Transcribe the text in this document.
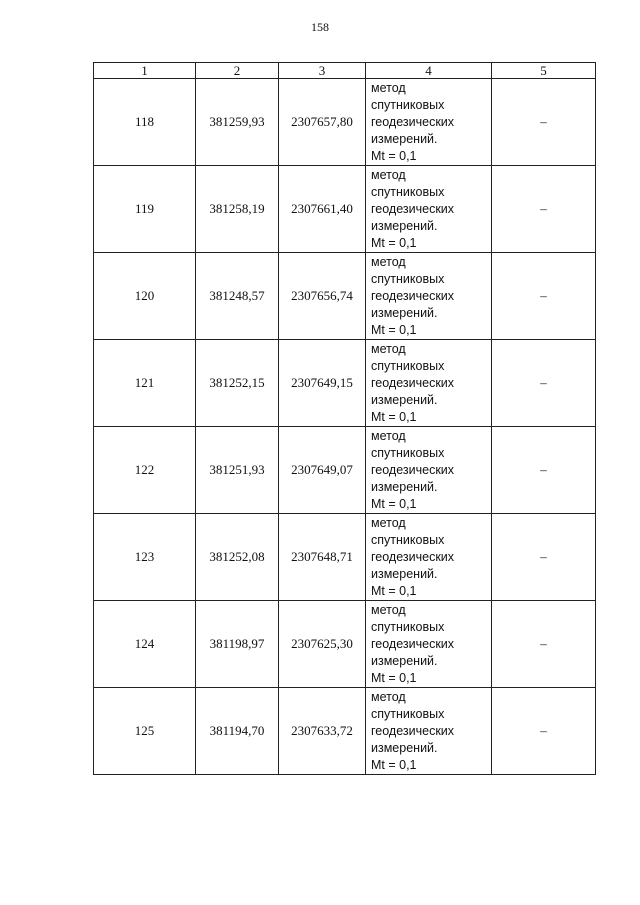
158
1	2	3	4	5
118	381259,93	2307657,80	метод
спутниковых
геодезических
измерений.
Mt = 0,1	–
119	381258,19	2307661,40	метод
спутниковых
геодезических
измерений.
Mt = 0,1	–
120	381248,57	2307656,74	метод
спутниковых
геодезических
измерений.
Mt = 0,1	–
121	381252,15	2307649,15	метод
спутниковых
геодезических
измерений.
Mt = 0,1	–
122	381251,93	2307649,07	метод
спутниковых
геодезических
измерений.
Mt = 0,1	–
123	381252,08	2307648,71	метод
спутниковых
геодезических
измерений.
Mt = 0,1	–
124	381198,97	2307625,30	метод
спутниковых
геодезических
измерений.
Mt = 0,1	–
125	381194,70	2307633,72	метод
спутниковых
геодезических
измерений.
Mt = 0,1	–
